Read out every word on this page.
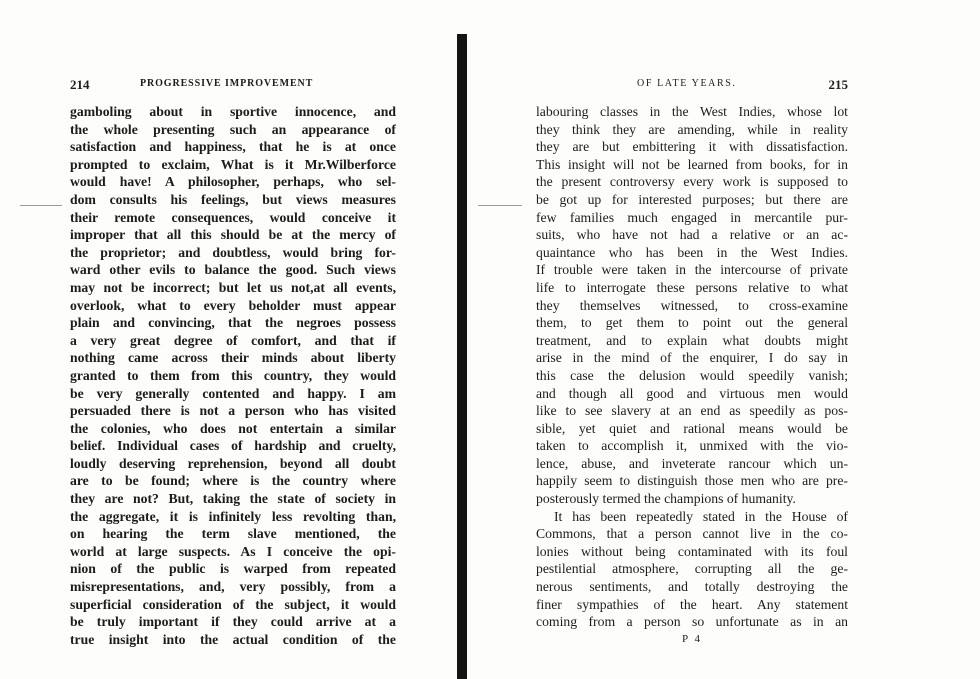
214	PROGRESSIVE IMPROVEMENT
gamboling about in sportive innocence, and
the whole presenting such an appearance of
satisfaction and happiness, that he is at once
prompted to exclaim, What is it Mr.Wilberforce
would have! A philosopher, perhaps, who sel-
dom consults his feelings, but views measures
their remote consequences, would conceive it
improper that all this should be at the mercy of
the proprietor; and doubtless, would bring for-
ward other evils to balance the good. Such views
may not be incorrect; but let us not,at all events,
overlook, what to every beholder must appear
plain and convincing, that the negroes possess
a very great degree of comfort, and that if
nothing came across their minds about liberty
granted to them from this country, they would
be very generally contented and happy. I am
persuaded there is not a person who has visited
the colonies, who does not entertain a similar
belief. Individual cases of hardship and cruelty,
loudly deserving reprehension, beyond all doubt
are to be found; where is the country where
they are not? But, taking the state of society in
the aggregate, it is infinitely less revolting than,
on hearing the term slave mentioned, the
world at large suspects. As I conceive the opi-
nion of the public is warped from repeated
misrepresentations, and, very possibly, from a
superficial consideration of the subject, it would
be truly important if they could arrive at a
true insight into the actual condition of the
OF LATE YEARS.	215
labouring classes in the West Indies, whose lot
they think they are amending, while in reality
they are but embittering it with dissatisfaction.
This insight will not be learned from books, for in
the present controversy every work is supposed to
be got up for interested purposes; but there are
few families much engaged in mercantile pur-
suits, who have not had a relative or an ac-
quaintance who has been in the West Indies.
If trouble were taken in the intercourse of private
life to interrogate these persons relative to what
they themselves witnessed, to cross-examine
them, to get them to point out the general
treatment, and to explain what doubts might
arise in the mind of the enquirer, I do say in
this case the delusion would speedily vanish;
and though all good and virtuous men would
like to see slavery at an end as speedily as pos-
sible, yet quiet and rational means would be
taken to accomplish it, unmixed with the vio-
lence, abuse, and inveterate rancour which un-
happily seem to distinguish those men who are pre-
posterously termed the champions of humanity.
It has been repeatedly stated in the House of
Commons, that a person cannot live in the co-
lonies without being contaminated with its foul
pestilential atmosphere, corrupting all the ge-
nerous sentiments, and totally destroying the
finer sympathies of the heart. Any statement
coming from a person so unfortunate as in an
P 4
